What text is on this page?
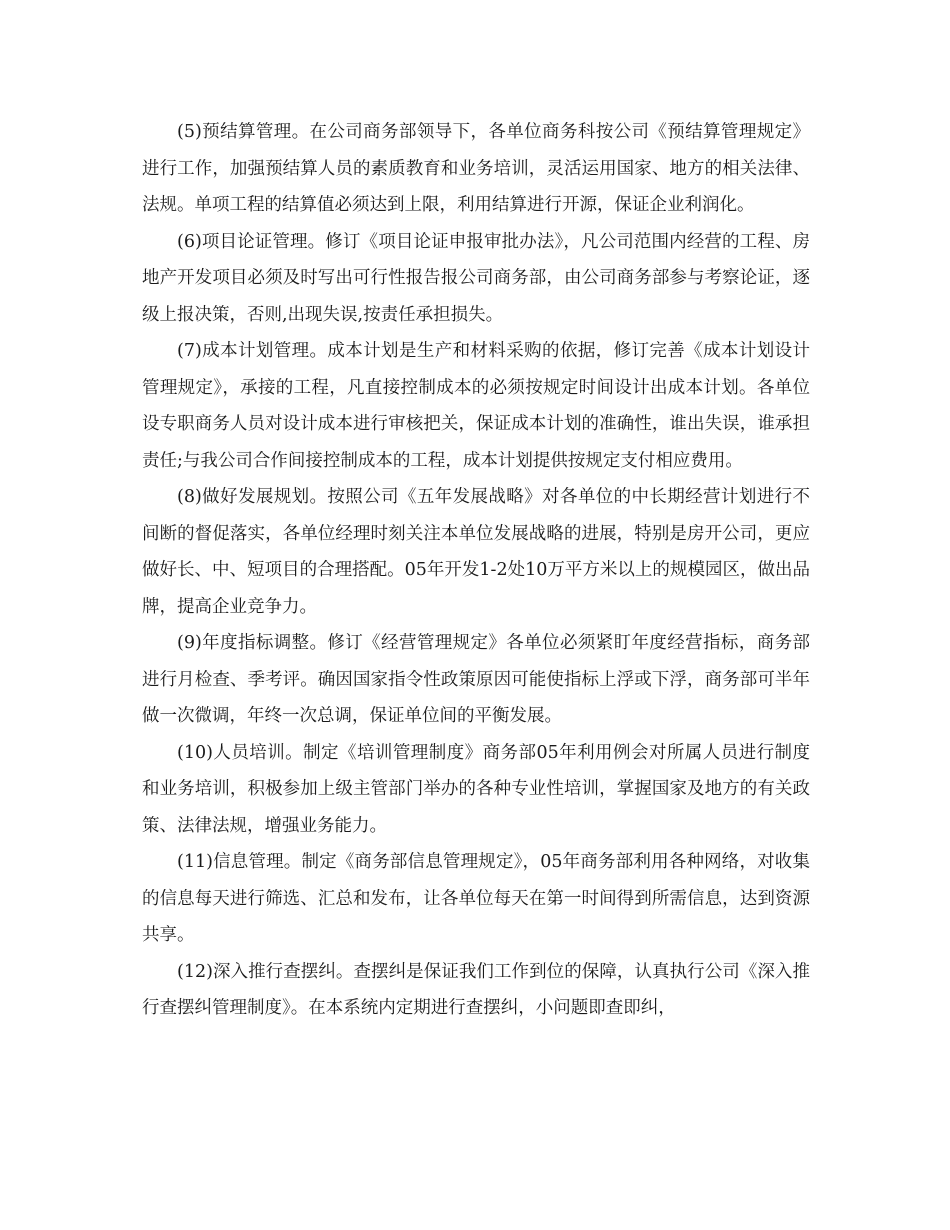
(5)预结算管理。在公司商务部领导下，各单位商务科按公司《预结算管理规定》进行工作，加强预结算人员的素质教育和业务培训，灵活运用国家、地方的相关法律、法规。单项工程的结算值必须达到上限，利用结算进行开源，保证企业利润化。

(6)项目论证管理。修订《项目论证申报审批办法》，凡公司范围内经营的工程、房地产开发项目必须及时写出可行性报告报公司商务部，由公司商务部参与考察论证，逐级上报决策，否则,出现失误,按责任承担损失。

(7)成本计划管理。成本计划是生产和材料采购的依据，修订完善《成本计划设计管理规定》，承接的工程，凡直接控制成本的必须按规定时间设计出成本计划。各单位设专职商务人员对设计成本进行审核把关，保证成本计划的准确性，谁出失误，谁承担责任;与我公司合作间接控制成本的工程，成本计划提供按规定支付相应费用。

(8)做好发展规划。按照公司《五年发展战略》对各单位的中长期经营计划进行不间断的督促落实，各单位经理时刻关注本单位发展战略的进展，特别是房开公司，更应做好长、中、短项目的合理搭配。05年开发1-2处10万平方米以上的规模园区，做出品牌，提高企业竞争力。

(9)年度指标调整。修订《经营管理规定》各单位必须紧盯年度经营指标，商务部进行月检查、季考评。确因国家指令性政策原因可能使指标上浮或下浮，商务部可半年做一次微调，年终一次总调，保证单位间的平衡发展。

(10)人员培训。制定《培训管理制度》商务部05年利用例会对所属人员进行制度和业务培训，积极参加上级主管部门举办的各种专业性培训，掌握国家及地方的有关政策、法律法规，增强业务能力。

(11)信息管理。制定《商务部信息管理规定》，05年商务部利用各种网络，对收集的信息每天进行筛选、汇总和发布，让各单位每天在第一时间得到所需信息，达到资源共享。

(12)深入推行查摆纠。查摆纠是保证我们工作到位的保障，认真执行公司《深入推行查摆纠管理制度》。在本系统内定期进行查摆纠，小问题即查即纠，
